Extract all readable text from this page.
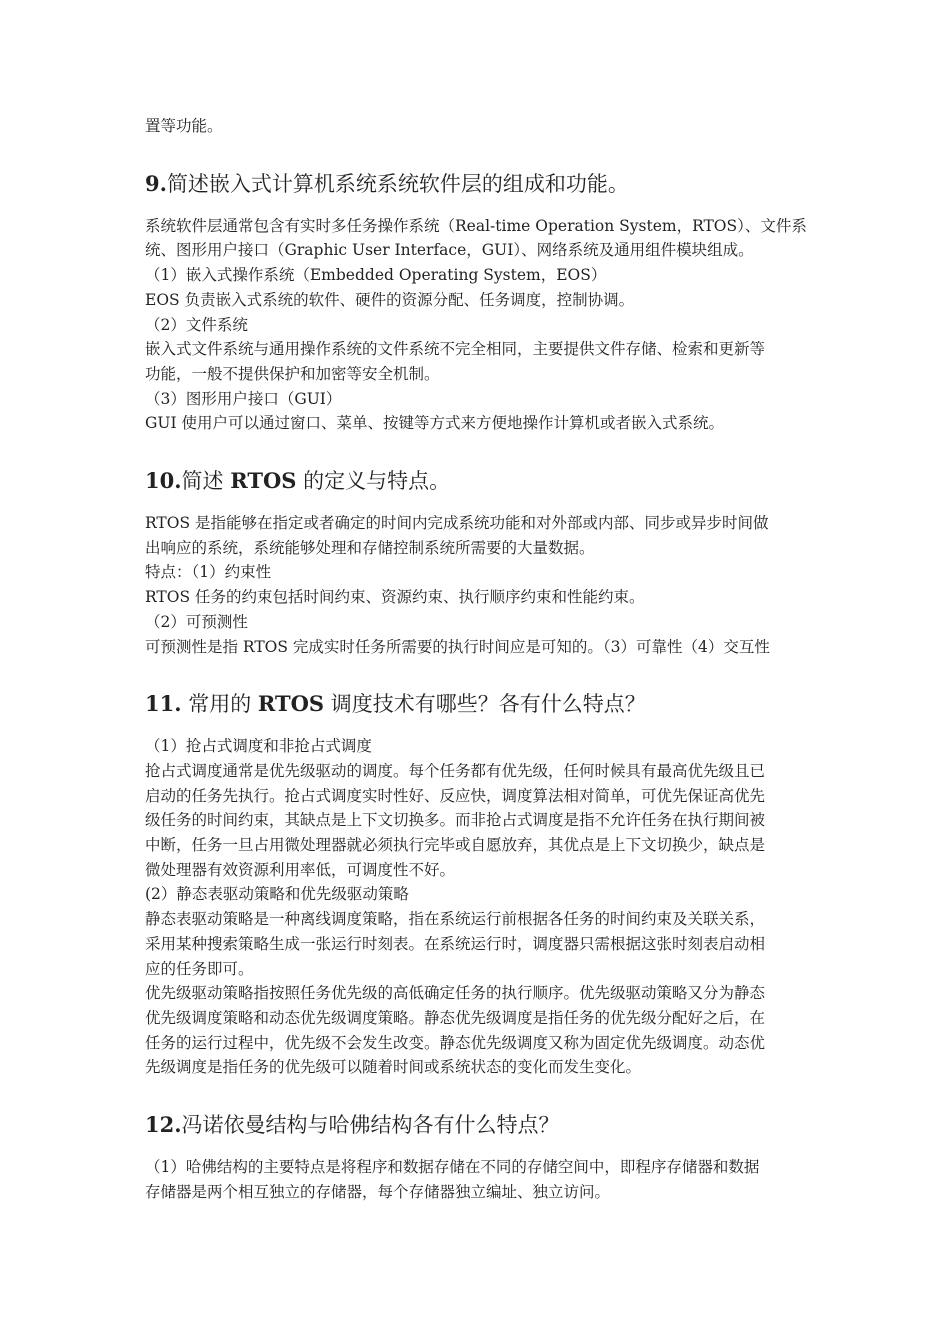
置等功能。
9.简述嵌入式计算机系统系统软件层的组成和功能。
系统软件层通常包含有实时多任务操作系统（Real-time Operation System，RTOS）、文件系
统、图形用户接口（Graphic User Interface，GUI）、网络系统及通用组件模块组成。
（1）嵌入式操作系统（Embedded Operating System，EOS）
EOS 负责嵌入式系统的软件、硬件的资源分配、任务调度，控制协调。
（2）文件系统
嵌入式文件系统与通用操作系统的文件系统不完全相同，主要提供文件存储、检索和更新等
功能，一般不提供保护和加密等安全机制。
（3）图形用户接口（GUI）
GUI 使用户可以通过窗口、菜单、按键等方式来方便地操作计算机或者嵌入式系统。
10.简述 RTOS 的定义与特点。
RTOS 是指能够在指定或者确定的时间内完成系统功能和对外部或内部、同步或异步时间做
出响应的系统，系统能够处理和存储控制系统所需要的大量数据。
特点：（1）约束性
RTOS 任务的约束包括时间约束、资源约束、执行顺序约束和性能约束。
（2）可预测性
可预测性是指 RTOS 完成实时任务所需要的执行时间应是可知的。（3）可靠性（4）交互性
11. 常用的 RTOS 调度技术有哪些？各有什么特点？
（1）抢占式调度和非抢占式调度
抢占式调度通常是优先级驱动的调度。每个任务都有优先级，任何时候具有最高优先级且已
启动的任务先执行。抢占式调度实时性好、反应快，调度算法相对简单，可优先保证高优先
级任务的时间约束，其缺点是上下文切换多。而非抢占式调度是指不允许任务在执行期间被
中断，任务一旦占用微处理器就必须执行完毕或自愿放弃，其优点是上下文切换少，缺点是
微处理器有效资源利用率低，可调度性不好。
(2）静态表驱动策略和优先级驱动策略
静态表驱动策略是一种离线调度策略，指在系统运行前根据各任务的时间约束及关联关系，
采用某种搜索策略生成一张运行时刻表。在系统运行时，调度器只需根据这张时刻表启动相
应的任务即可。
优先级驱动策略指按照任务优先级的高低确定任务的执行顺序。优先级驱动策略又分为静态
优先级调度策略和动态优先级调度策略。静态优先级调度是指任务的优先级分配好之后，在
任务的运行过程中，优先级不会发生改变。静态优先级调度又称为固定优先级调度。动态优
先级调度是指任务的优先级可以随着时间或系统状态的变化而发生变化。
12.冯诺依曼结构与哈佛结构各有什么特点？
（1）哈佛结构的主要特点是将程序和数据存储在不同的存储空间中，即程序存储器和数据
存储器是两个相互独立的存储器，每个存储器独立编址、独立访问。
